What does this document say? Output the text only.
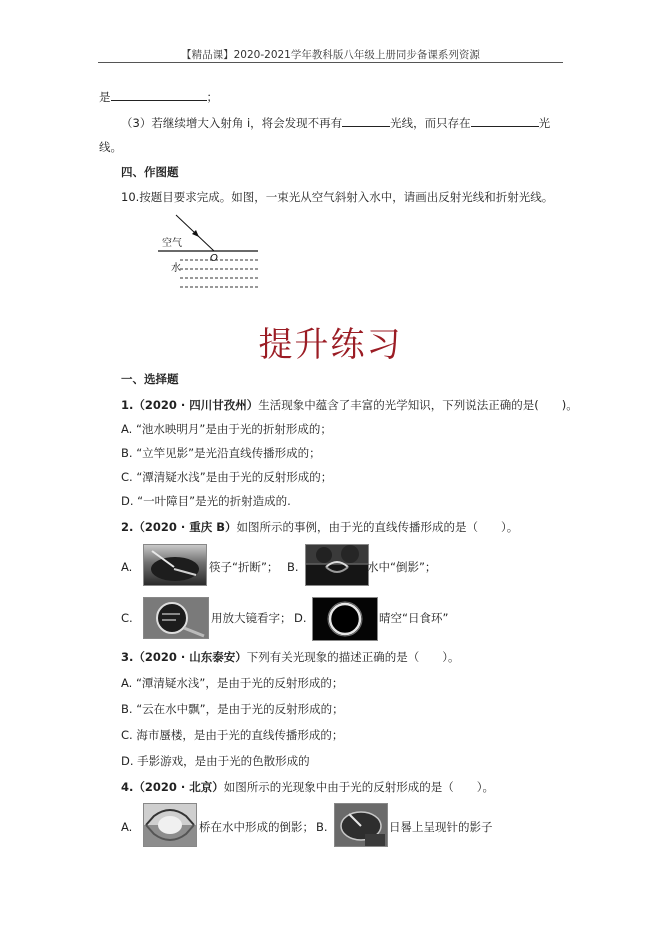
【精品课】2020-2021学年教科版八年级上册同步备课系列资源
是	；
（3）若继续增大入射角 i，将会发现不再有	光线，而只存在	光
线。
四、作图题
10.按题目要求完成。如图，一束光从空气斜射入水中，请画出反射光线和折射光线。
空气
水
O
提升练习
一、选择题
1.（2020 · 四川甘孜州）生活现象中蕴含了丰富的光学知识，下列说法正确的是(　　)。
A. “池水映明月”是由于光的折射形成的；
B. “立竿见影”是光沿直线传播形成的；
C. “潭清疑水浅”是由于光的反射形成的；
D. “一叶障目”是光的折射造成的.
2.（2020 · 重庆 B）如图所示的事例，由于光的直线传播形成的是（　　）。
A.	筷子“折断”； B.	水中“倒影”；
C.	用放大镜看字； D.	晴空“日食环”
3.（2020 · 山东泰安）下列有关光现象的描述正确的是（　　）。
A. “潭清疑水浅”，是由于光的反射形成的；
B. “云在水中飘”，是由于光的反射形成的；
C. 海市蜃楼，是由于光的直线传播形成的；
D. 手影游戏，是由于光的色散形成的
4.（2020 · 北京）如图所示的光现象中由于光的反射形成的是（　　）。
A.	桥在水中形成的倒影； B.	日晷上呈现针的影子
